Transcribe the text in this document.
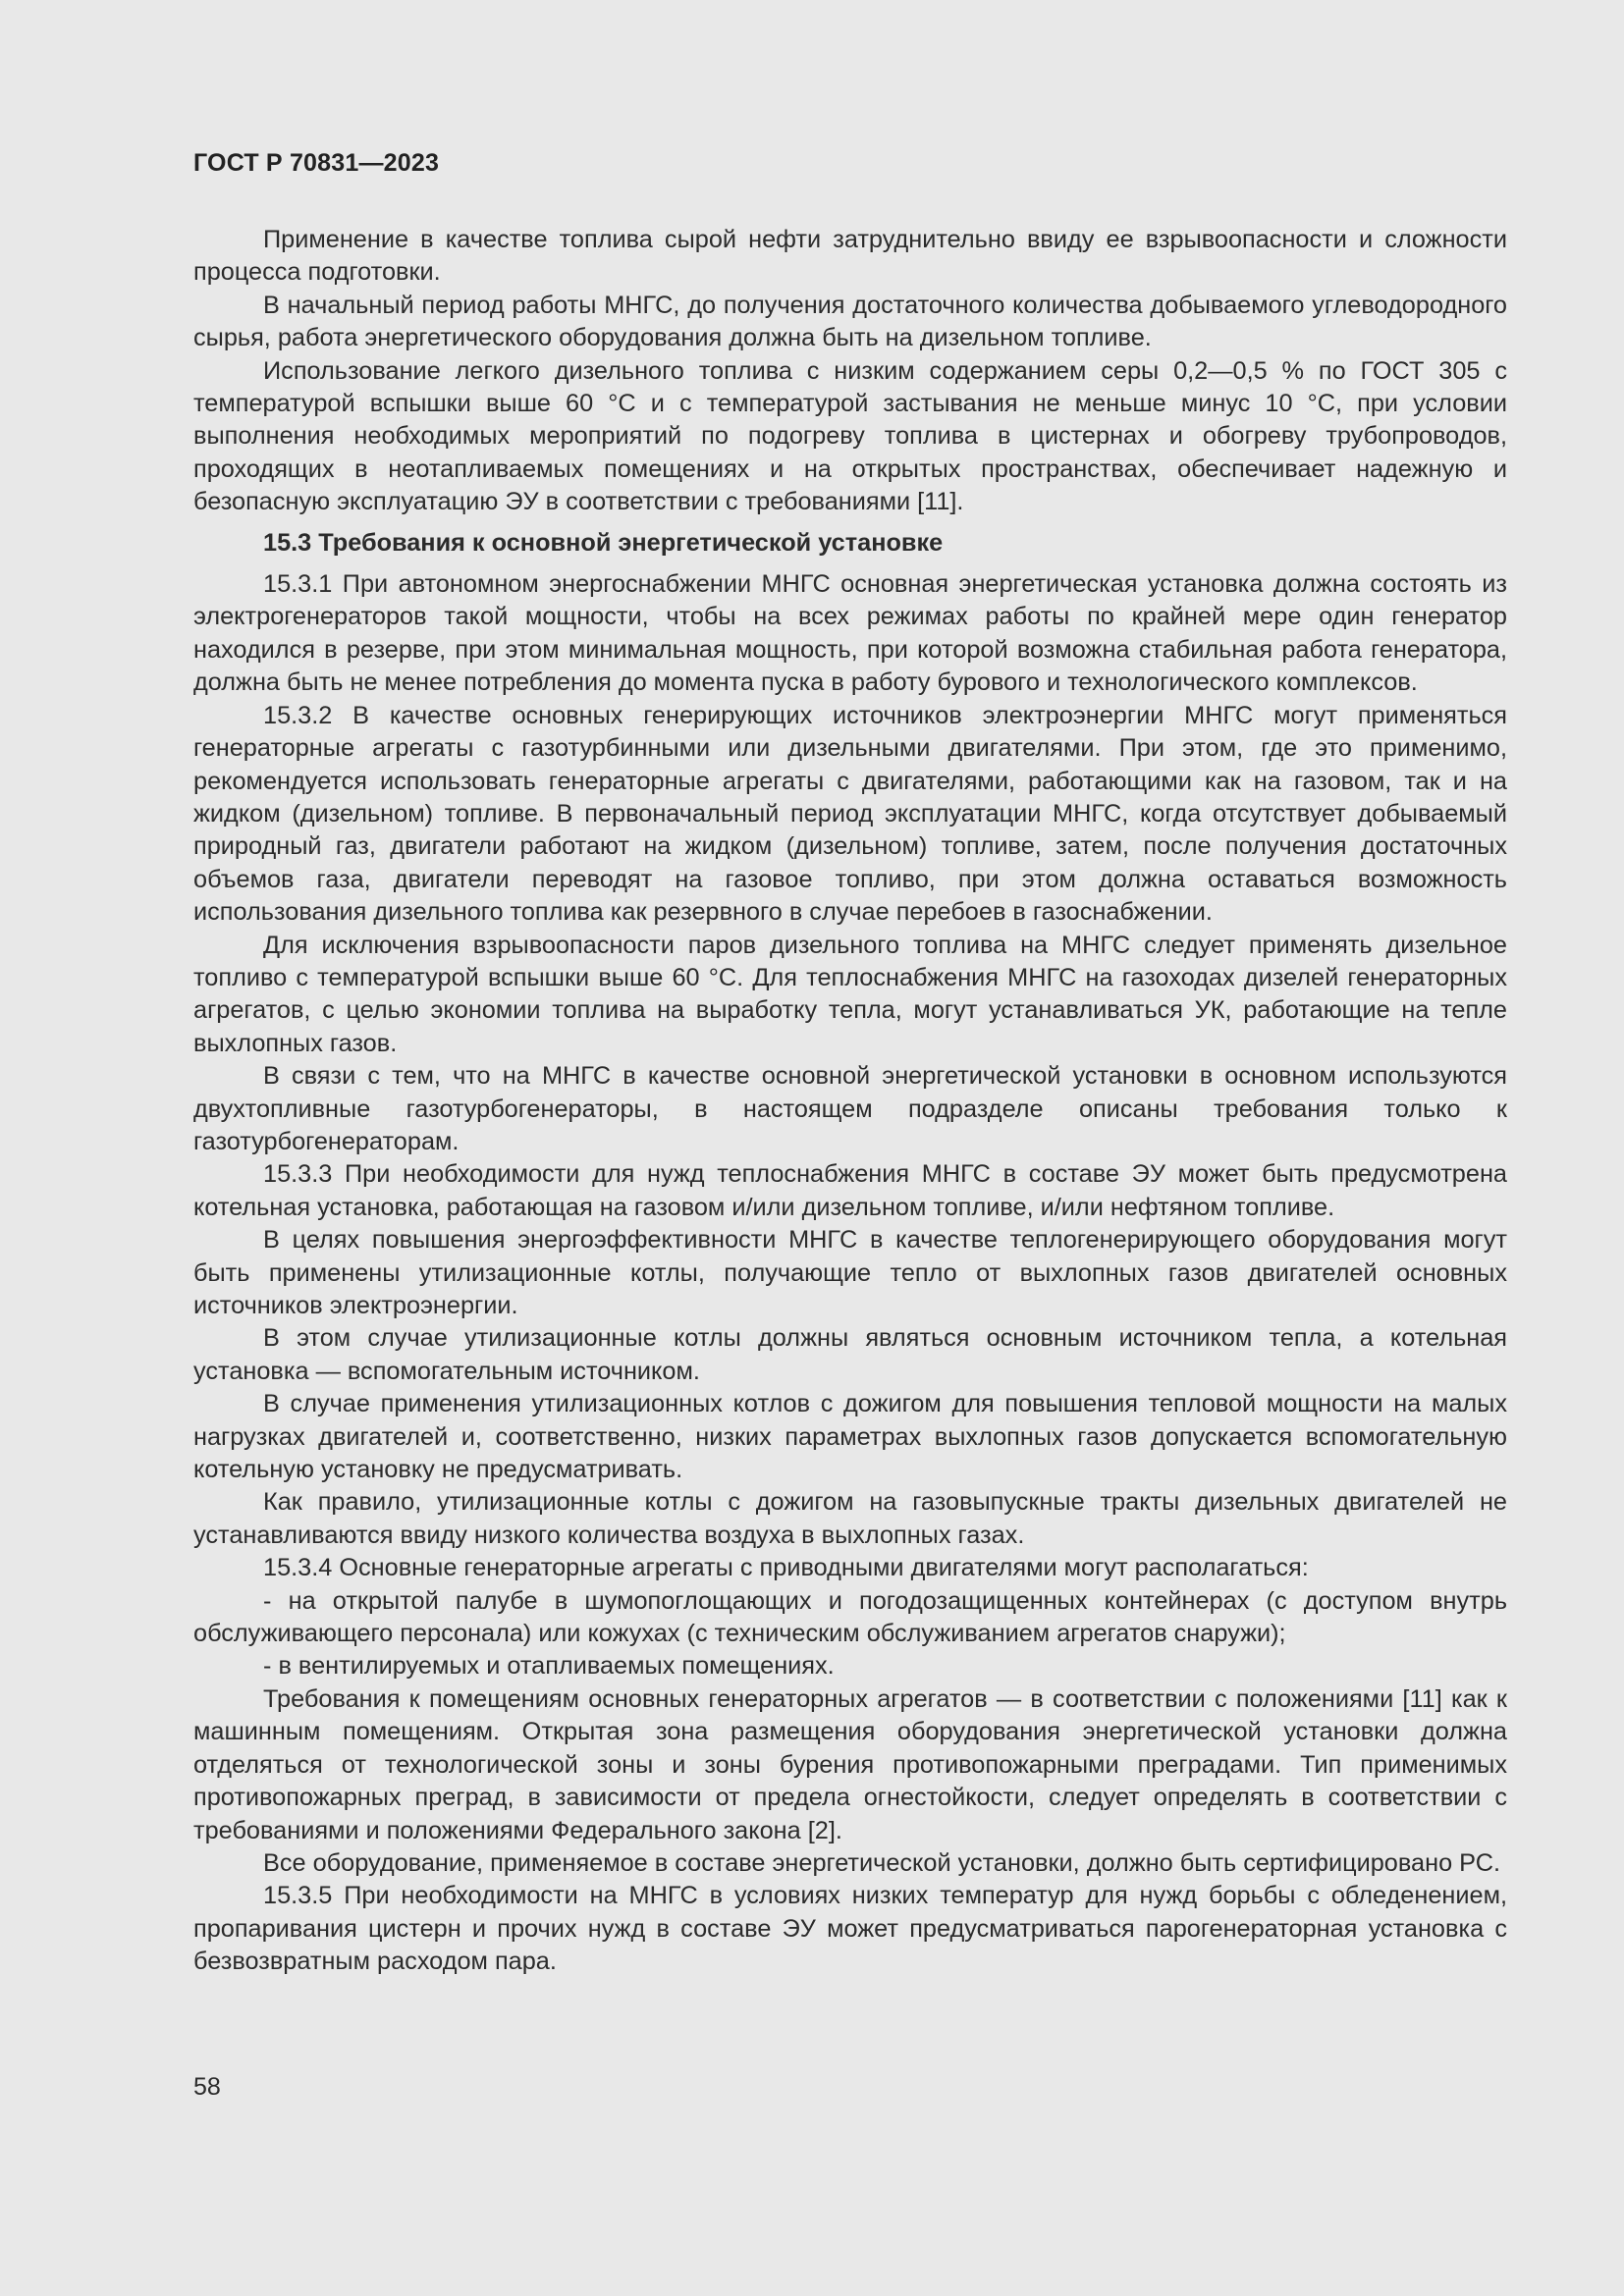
ГОСТ Р 70831—2023

Применение в качестве топлива сырой нефти затруднительно ввиду ее взрывоопасности и сложности процесса подготовки.

В начальный период работы МНГС, до получения достаточного количества добываемого углеводородного сырья, работа энергетического оборудования должна быть на дизельном топливе.

Использование легкого дизельного топлива с низким содержанием серы 0,2—0,5 % по ГОСТ 305 с температурой вспышки выше 60 °С и с температурой застывания не меньше минус 10 °С, при условии выполнения необходимых мероприятий по подогреву топлива в цистернах и обогреву трубопроводов, проходящих в неотапливаемых помещениях и на открытых пространствах, обеспечивает надежную и безопасную эксплуатацию ЭУ в соответствии с требованиями [11].

15.3 Требования к основной энергетической установке

15.3.1 При автономном энергоснабжении МНГС основная энергетическая установка должна состоять из электрогенераторов такой мощности, чтобы на всех режимах работы по крайней мере один генератор находился в резерве, при этом минимальная мощность, при которой возможна стабильная работа генератора, должна быть не менее потребления до момента пуска в работу бурового и технологического комплексов.

15.3.2 В качестве основных генерирующих источников электроэнергии МНГС могут применяться генераторные агрегаты с газотурбинными или дизельными двигателями. При этом, где это применимо, рекомендуется использовать генераторные агрегаты с двигателями, работающими как на газовом, так и на жидком (дизельном) топливе. В первоначальный период эксплуатации МНГС, когда отсутствует добываемый природный газ, двигатели работают на жидком (дизельном) топливе, затем, после получения достаточных объемов газа, двигатели переводят на газовое топливо, при этом должна оставаться возможность использования дизельного топлива как резервного в случае перебоев в газоснабжении.

Для исключения взрывоопасности паров дизельного топлива на МНГС следует применять дизельное топливо с температурой вспышки выше 60 °С. Для теплоснабжения МНГС на газоходах дизелей генераторных агрегатов, с целью экономии топлива на выработку тепла, могут устанавливаться УК, работающие на тепле выхлопных газов.

В связи с тем, что на МНГС в качестве основной энергетической установки в основном используются двухтопливные газотурбогенераторы, в настоящем подразделе описаны требования только к газотурбогенераторам.

15.3.3 При необходимости для нужд теплоснабжения МНГС в составе ЭУ может быть предусмотрена котельная установка, работающая на газовом и/или дизельном топливе, и/или нефтяном топливе.

В целях повышения энергоэффективности МНГС в качестве теплогенерирующего оборудования могут быть применены утилизационные котлы, получающие тепло от выхлопных газов двигателей основных источников электроэнергии.

В этом случае утилизационные котлы должны являться основным источником тепла, а котельная установка — вспомогательным источником.

В случае применения утилизационных котлов с дожигом для повышения тепловой мощности на малых нагрузках двигателей и, соответственно, низких параметрах выхлопных газов допускается вспомогательную котельную установку не предусматривать.

Как правило, утилизационные котлы с дожигом на газовыпускные тракты дизельных двигателей не устанавливаются ввиду низкого количества воздуха в выхлопных газах.

15.3.4 Основные генераторные агрегаты с приводными двигателями могут располагаться:

- на открытой палубе в шумопоглощающих и погодозащищенных контейнерах (с доступом внутрь обслуживающего персонала) или кожухах (с техническим обслуживанием агрегатов снаружи);

- в вентилируемых и отапливаемых помещениях.

Требования к помещениям основных генераторных агрегатов — в соответствии с положениями [11] как к машинным помещениям. Открытая зона размещения оборудования энергетической установки должна отделяться от технологической зоны и зоны бурения противопожарными преградами. Тип применимых противопожарных преград, в зависимости от предела огнестойкости, следует определять в соответствии с требованиями и положениями Федерального закона [2].

Все оборудование, применяемое в составе энергетической установки, должно быть сертифицировано РС.

15.3.5 При необходимости на МНГС в условиях низких температур для нужд борьбы с обледенением, пропаривания цистерн и прочих нужд в составе ЭУ может предусматриваться парогенераторная установка с безвозвратным расходом пара.

58
